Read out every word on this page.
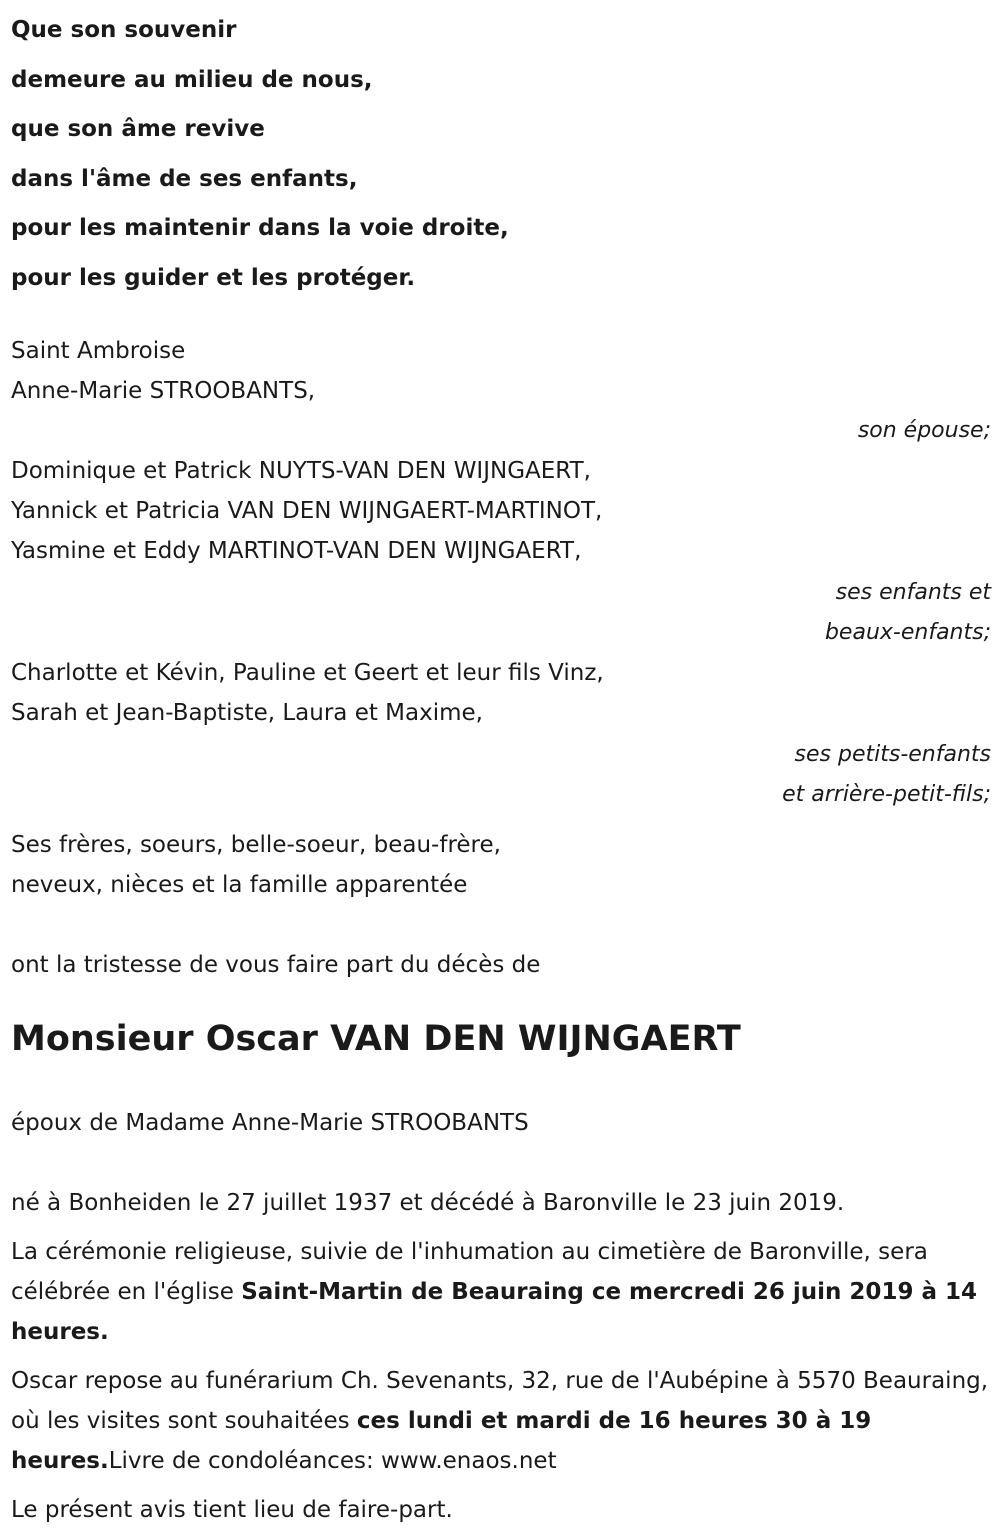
Que son souvenir
demeure au milieu de nous,
que son âme revive
dans l'âme de ses enfants,
pour les maintenir dans la voie droite,
pour les guider et les protéger.
Saint Ambroise
Anne-Marie STROOBANTS,
son épouse;
Dominique et Patrick NUYTS-VAN DEN WIJNGAERT,
Yannick et Patricia VAN DEN WIJNGAERT-MARTINOT,
Yasmine et Eddy MARTINOT-VAN DEN WIJNGAERT,
ses enfants et
beaux-enfants;
Charlotte et Kévin, Pauline et Geert et leur fils Vinz,
Sarah et Jean-Baptiste, Laura et Maxime,
ses petits-enfants
et arrière-petit-fils;
Ses frères, soeurs, belle-soeur, beau-frère,
neveux, nièces et la famille apparentée
ont la tristesse de vous faire part du décès de
Monsieur Oscar VAN DEN WIJNGAERT
époux de Madame Anne-Marie STROOBANTS
né à Bonheiden le 27 juillet 1937 et décédé à Baronville le 23 juin 2019.
La cérémonie religieuse, suivie de l'inhumation au cimetière de Baronville, sera célébrée en l'église Saint-Martin de Beauraing ce mercredi 26 juin 2019 à 14 heures.
Oscar repose au funérarium Ch. Sevenants, 32, rue de l'Aubépine à 5570 Beauraing, où les visites sont souhaitées ces lundi et mardi de 16 heures 30 à 19 heures.Livre de condoléances: www.enaos.net
Le présent avis tient lieu de faire-part.
